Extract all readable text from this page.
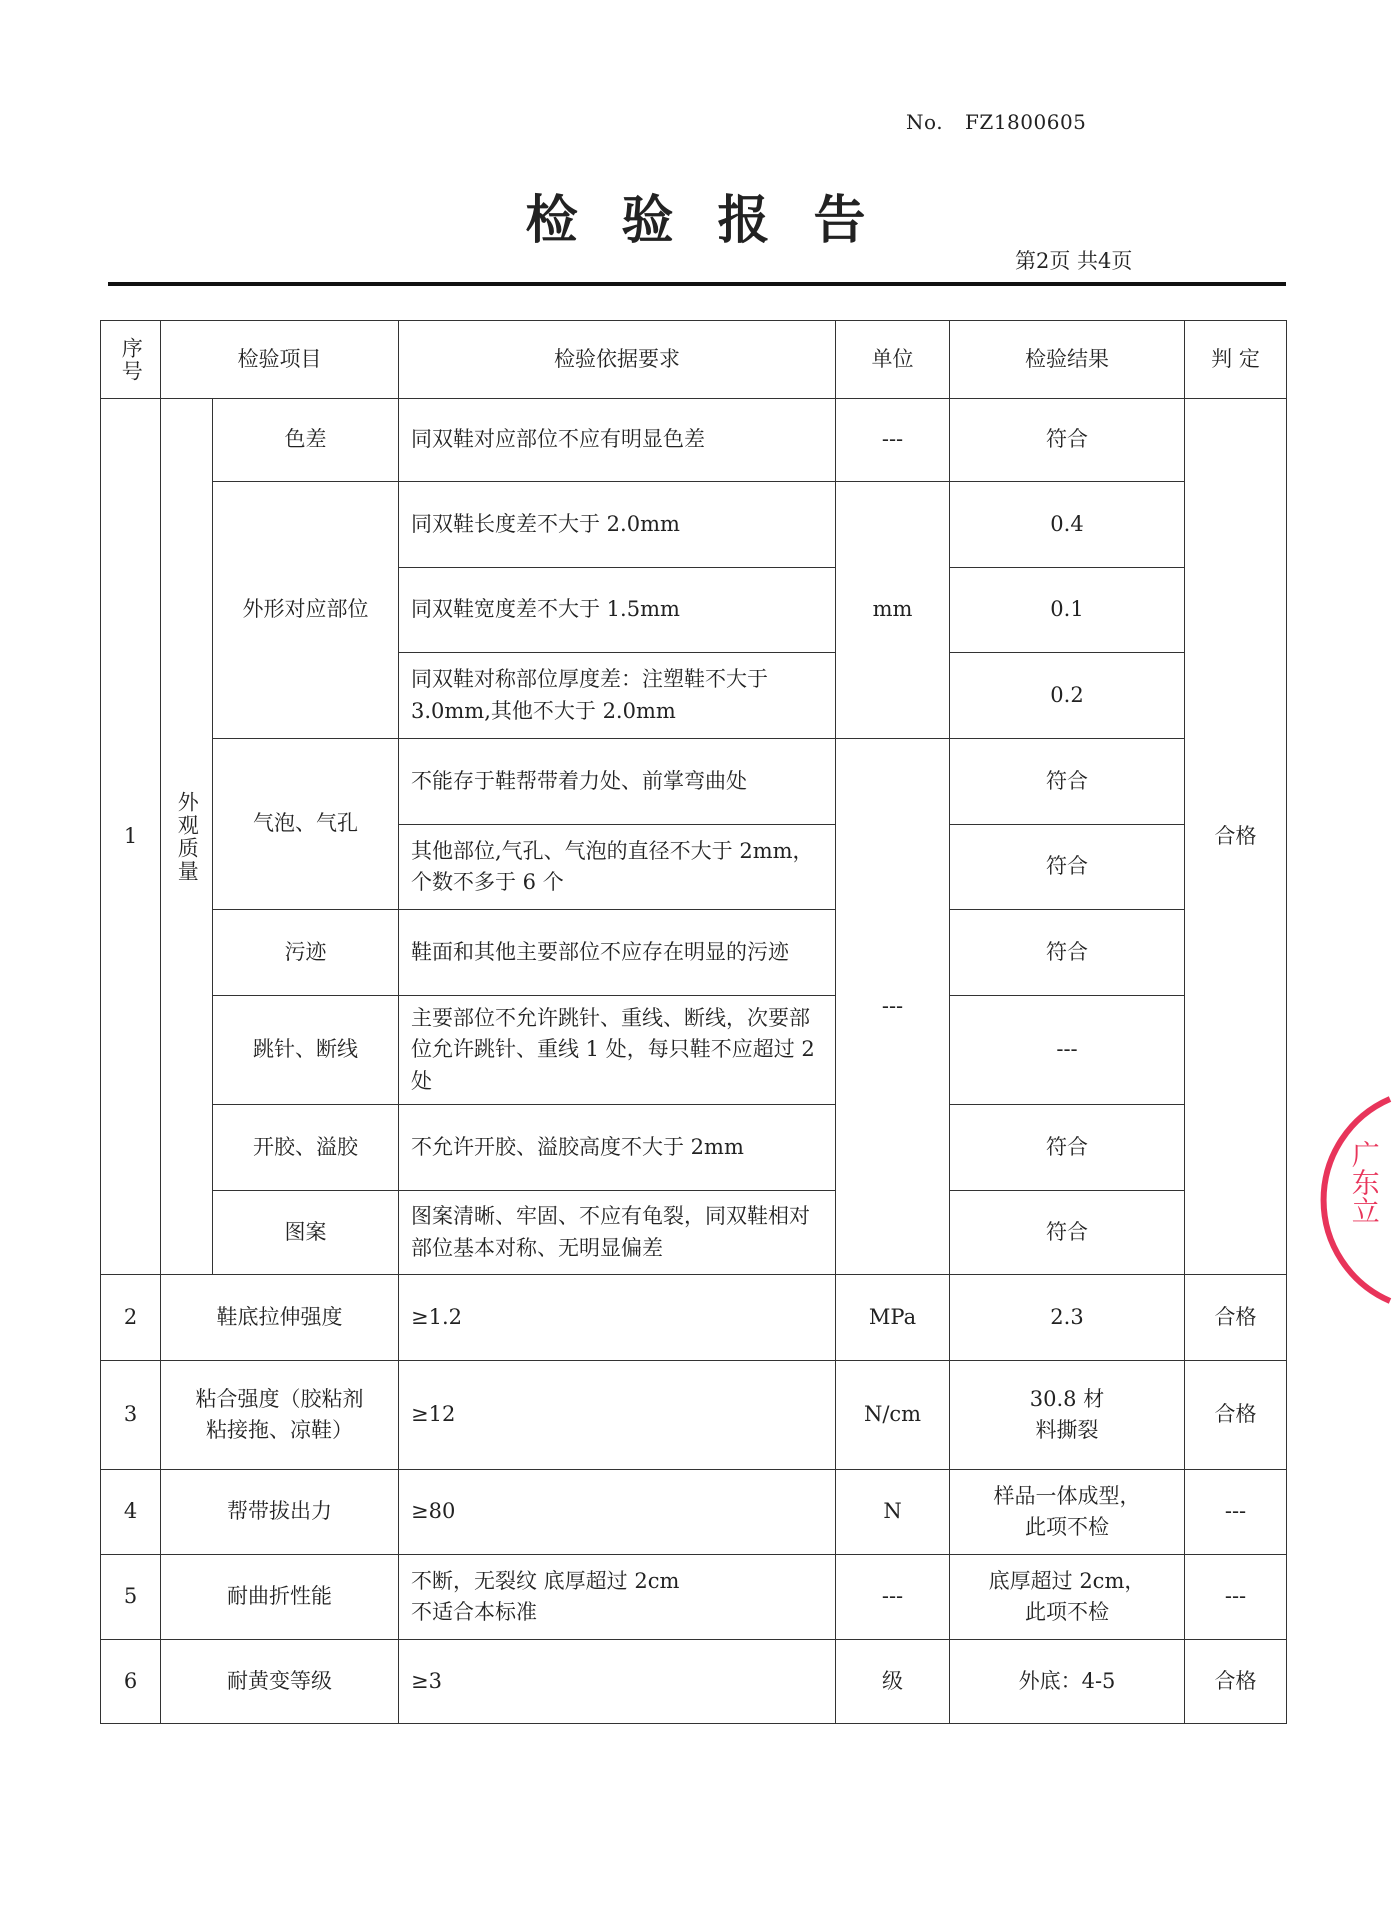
No. FZ1800605
检验报告
第2页 共4页
序号	检验项目		检验依据要求	单位	检验结果	判 定
1	外观质量	色差	同双鞋对应部位不应有明显色差	---	符合	合格
		外形对应部位	同双鞋长度差不大于 2.0mm	mm	0.4	
			同双鞋宽度差不大于 1.5mm		0.1	
			同双鞋对称部位厚度差：注塑鞋不大于 3.0mm,其他不大于 2.0mm		0.2	
		气泡、气孔	不能存于鞋帮带着力处、前掌弯曲处	---	符合	
			其他部位,气孔、气泡的直径不大于 2mm，个数不多于 6 个		符合	
		污迹	鞋面和其他主要部位不应存在明显的污迹		符合	
		跳针、断线	主要部位不允许跳针、重线、断线，次要部位允许跳针、重线 1 处，每只鞋不应超过 2 处		---	
		开胶、溢胶	不允许开胶、溢胶高度不大于 2mm		符合	
		图案	图案清晰、牢固、不应有龟裂，同双鞋相对部位基本对称、无明显偏差		符合	
2	鞋底拉伸强度		≥1.2	MPa	2.3	合格
3	粘合强度（胶粘剂粘接拖、凉鞋）		≥12	N/cm	30.8 材料撕裂	合格
4	帮带拔出力		≥80	N	样品一体成型，此项不检	---
5	耐曲折性能		不断，无裂纹 底厚超过 2cm 不适合本标准	---	底厚超过 2cm，此项不检	---
6	耐黄变等级		≥3	级	外底：4-5	合格
广东立
